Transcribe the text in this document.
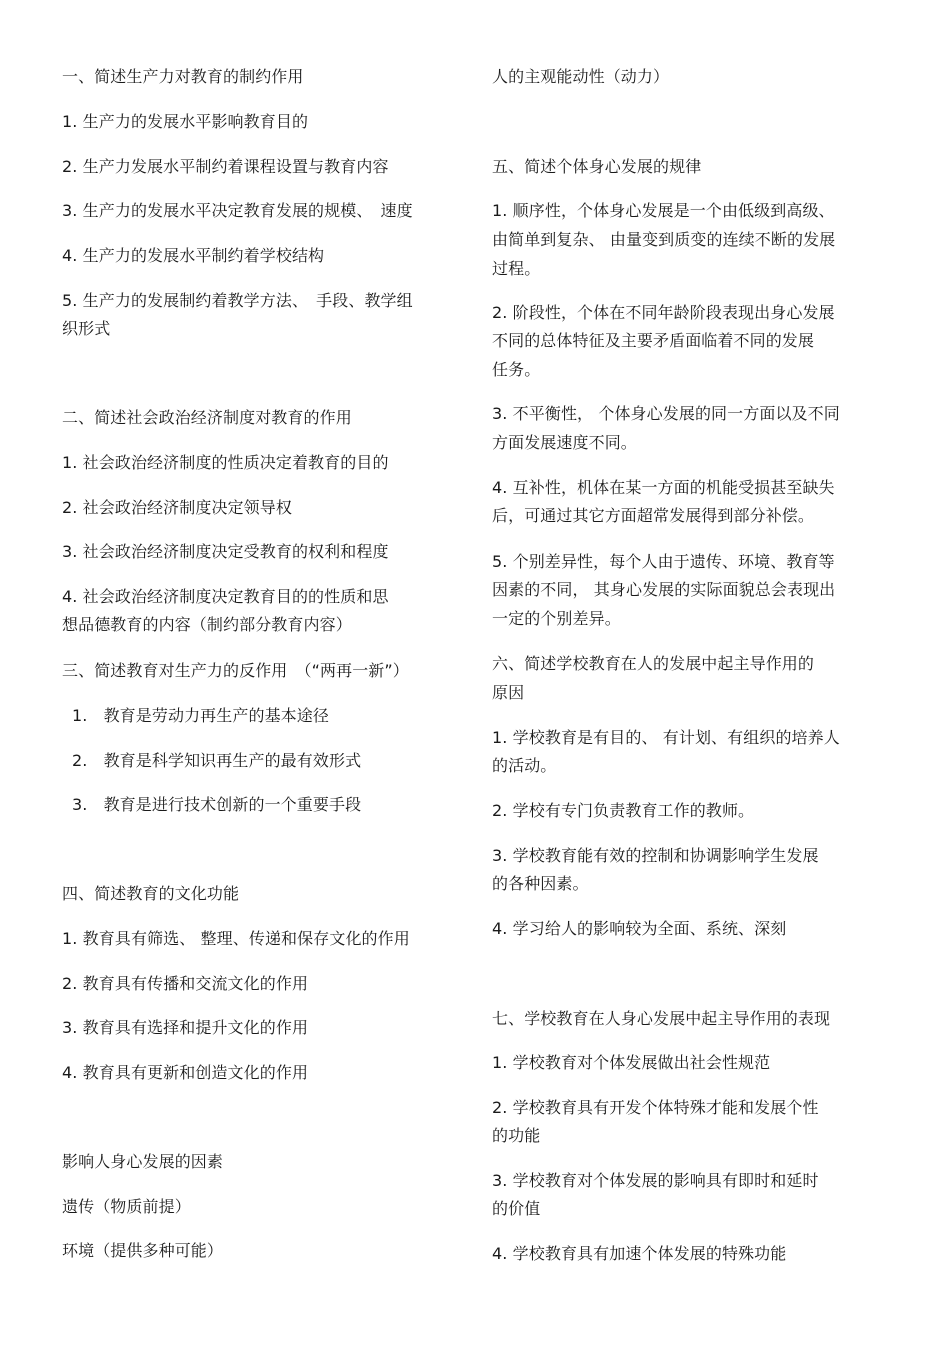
一、简述生产力对教育的制约作用
1. 生产力的发展水平影响教育目的
2. 生产力发展水平制约着课程设置与教育内容
3. 生产力的发展水平决定教育发展的规模、　速度
4. 生产力的发展水平制约着学校结构
5. 生产力的发展制约着教学方法、　手段、教学组
织形式
二、简述社会政治经济制度对教育的作用
1. 社会政治经济制度的性质决定着教育的目的
2. 社会政治经济制度决定领导权
3. 社会政治经济制度决定受教育的权利和程度
4. 社会政治经济制度决定教育目的的性质和思
想品德教育的内容（制约部分教育内容）
三、简述教育对生产力的反作用　（“两再一新”）
1.　教育是劳动力再生产的基本途径
2.　教育是科学知识再生产的最有效形式
3.　教育是进行技术创新的一个重要手段
四、简述教育的文化功能
1. 教育具有筛选、 整理、传递和保存文化的作用
2. 教育具有传播和交流文化的作用
3. 教育具有选择和提升文化的作用
4. 教育具有更新和创造文化的作用
影响人身心发展的因素
遗传（物质前提）
环境（提供多种可能）
人的主观能动性（动力）
五、简述个体身心发展的规律
1. 顺序性，个体身心发展是一个由低级到高级、
由简单到复杂、 由量变到质变的连续不断的发展
过程。
2. 阶段性，个体在不同年龄阶段表现出身心发展
不同的总体特征及主要矛盾面临着不同的发展
任务。
3. 不平衡性， 个体身心发展的同一方面以及不同
方面发展速度不同。
4. 互补性，机体在某一方面的机能受损甚至缺失
后，可通过其它方面超常发展得到部分补偿。
5. 个别差异性，每个人由于遗传、环境、教育等
因素的不同， 其身心发展的实际面貌总会表现出
一定的个别差异。
六、简述学校教育在人的发展中起主导作用的
原因
1. 学校教育是有目的、 有计划、有组织的培养人
的活动。
2. 学校有专门负责教育工作的教师。
3. 学校教育能有效的控制和协调影响学生发展
的各种因素。
4. 学习给人的影响较为全面、系统、深刻
七、学校教育在人身心发展中起主导作用的表现
1. 学校教育对个体发展做出社会性规范
2. 学校教育具有开发个体特殊才能和发展个性
的功能
3. 学校教育对个体发展的影响具有即时和延时
的价值
4. 学校教育具有加速个体发展的特殊功能
